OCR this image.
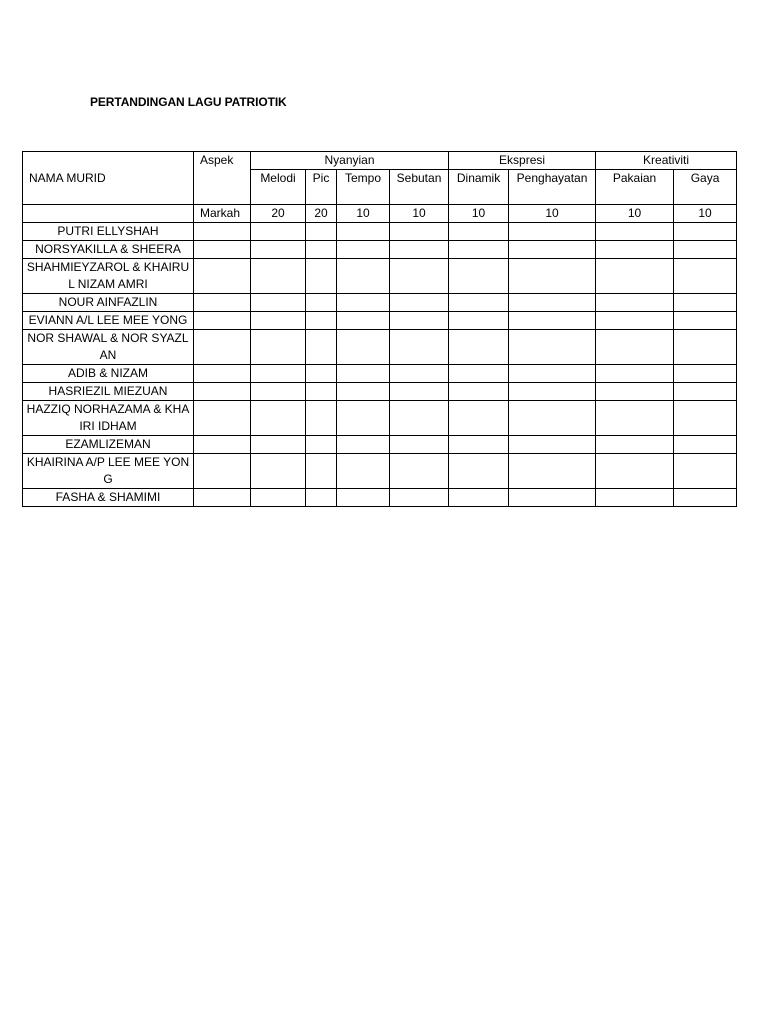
PERTANDINGAN LAGU PATRIOTIK
NAMA MURID	Aspek	Nyanyian				Ekspresi		Kreativiti	
		Melodi	Pic	Tempo	Sebutan	Dinamik	Penghayatan	Pakaian	Gaya
	Markah	20	20	10	10	10	10	10	10
PUTRI ELLYSHAH									
NORSYAKILLA & SHEERA									
SHAHMIEYZAROL & KHAIRUL NIZAM AMRI									
NOUR AINFAZLIN									
EVIANN A/L LEE MEE YONG									
NOR SHAWAL & NOR SYAZLAN									
ADIB & NIZAM									
HASRIEZIL MIEZUAN									
HAZZIQ NORHAZAMA & KHAIRI IDHAM									
EZAMLIZEMAN									
KHAIRINA A/P LEE MEE YONG									
FASHA & SHAMIMI									
